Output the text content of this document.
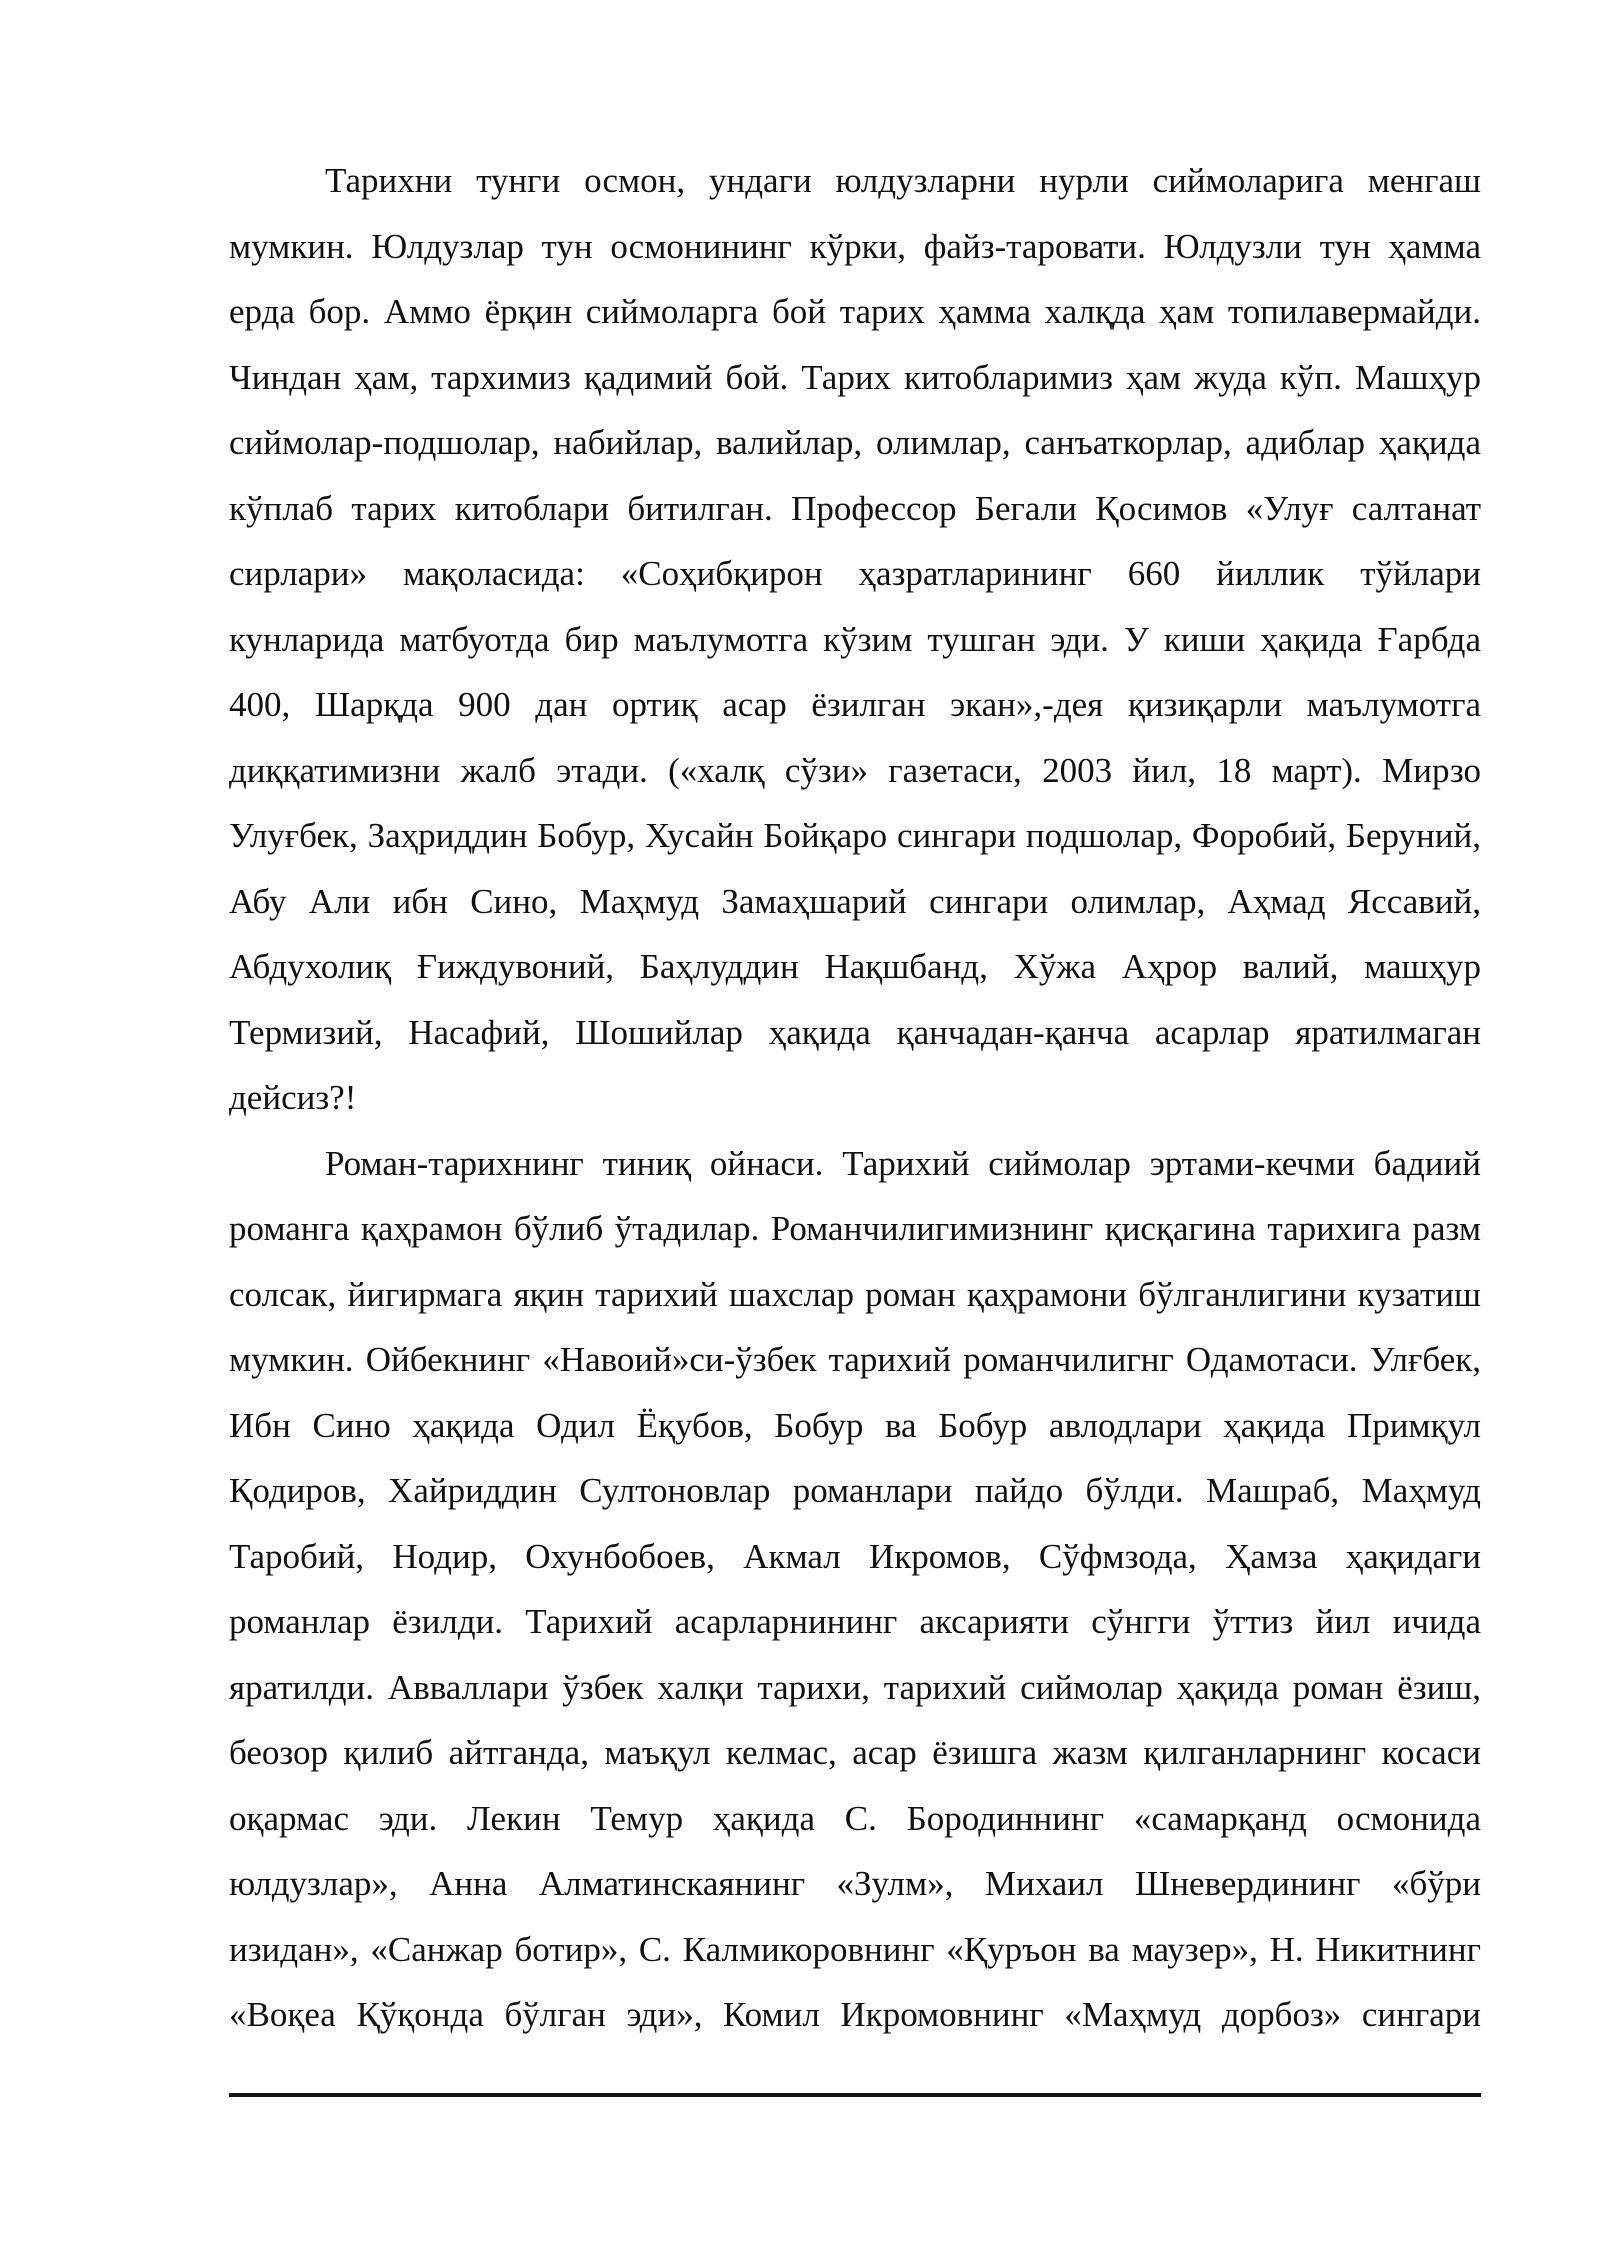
Тарихни тунги осмон, ундаги юлдузларни нурли сиймоларига менгаш мумкин. Юлдузлар тун осмонининг кўрки, файз-таровати. Юлдузли тун ҳамма ерда бор. Аммо ёрқин сиймоларга бой тарих ҳамма халқда ҳам топилавермайди. Чиндан ҳам, тархимиз қадимий бой. Тарих китобларимиз ҳам жуда кўп. Машҳур сиймолар-подшолар, набийлар, валийлар, олимлар, санъаткорлар, адиблар ҳақида кўплаб тарих китоблари битилган. Профессор Бегали Қосимов «Улуғ салтанат сирлари» мақоласида: «Соҳибқирон ҳазратларининг 660 йиллик тўйлари кунларида матбуотда бир маълумотга кўзим тушган эди. У киши ҳақида Ғарбда 400, Шарқда 900 дан ортиқ асар ёзилган экан»,-дея қизиқарли маълумотга диққатимизни жалб этади. («халқ сўзи» газетаси, 2003 йил, 18 март). Мирзо Улуғбек, Заҳриддин Бобур, Хусайн Бойқаро сингари подшолар, Форобий, Беруний, Абу Али ибн Сино, Маҳмуд Замаҳшарий сингари олимлар, Аҳмад Яссавий, Абдухолиқ Ғиждувоний, Баҳлуддин Нақшбанд, Хўжа Аҳрор валий, машҳур Термизий, Насафий, Шошийлар ҳақида қанчадан-қанча асарлар яратилмаган дейсиз?!

Роман-тарихнинг тиниқ ойнаси. Тарихий сиймолар эртами-кечми бадиий романга қаҳрамон бўлиб ўтадилар. Романчилигимизнинг қисқагина тарихига разм солсак, йигирмага яқин тарихий шахслар роман қаҳрамони бўлганлигини кузатиш мумкин. Ойбекнинг «Навоий»си-ўзбек тарихий романчилигнг Одамотаси. Улғбек, Ибн Сино ҳақида Одил Ёқубов, Бобур ва Бобур авлодлари ҳақида Примқул Қодиров, Хайриддин Султоновлар романлари пайдо бўлди. Машраб, Маҳмуд Таробий, Нодир, Охунбобоев, Акмал Икромов, Сўфмзода, Ҳамза ҳақидаги романлар ёзилди. Тарихий асарларнининг аксарияти сўнгги ўттиз йил ичида яратилди. Авваллари ўзбек халқи тарихи, тарихий сиймолар ҳақида роман ёзиш, беозор қилиб айтганда, маъқул келмас, асар ёзишга жазм қилганларнинг косаси оқармас эди. Лекин Темур ҳақида С. Бородиннинг «самарқанд осмонида юлдузлар», Анна Алматинскаянинг «Зулм», Михаил Шневердининг «бўри изидан», «Санжар ботир», С. Калмикоровнинг «Қуръон ва маузер», Н. Никитнинг «Воқеа Қўқонда бўлган эди», Комил Икромовнинг «Маҳмуд дорбоз» сингари
